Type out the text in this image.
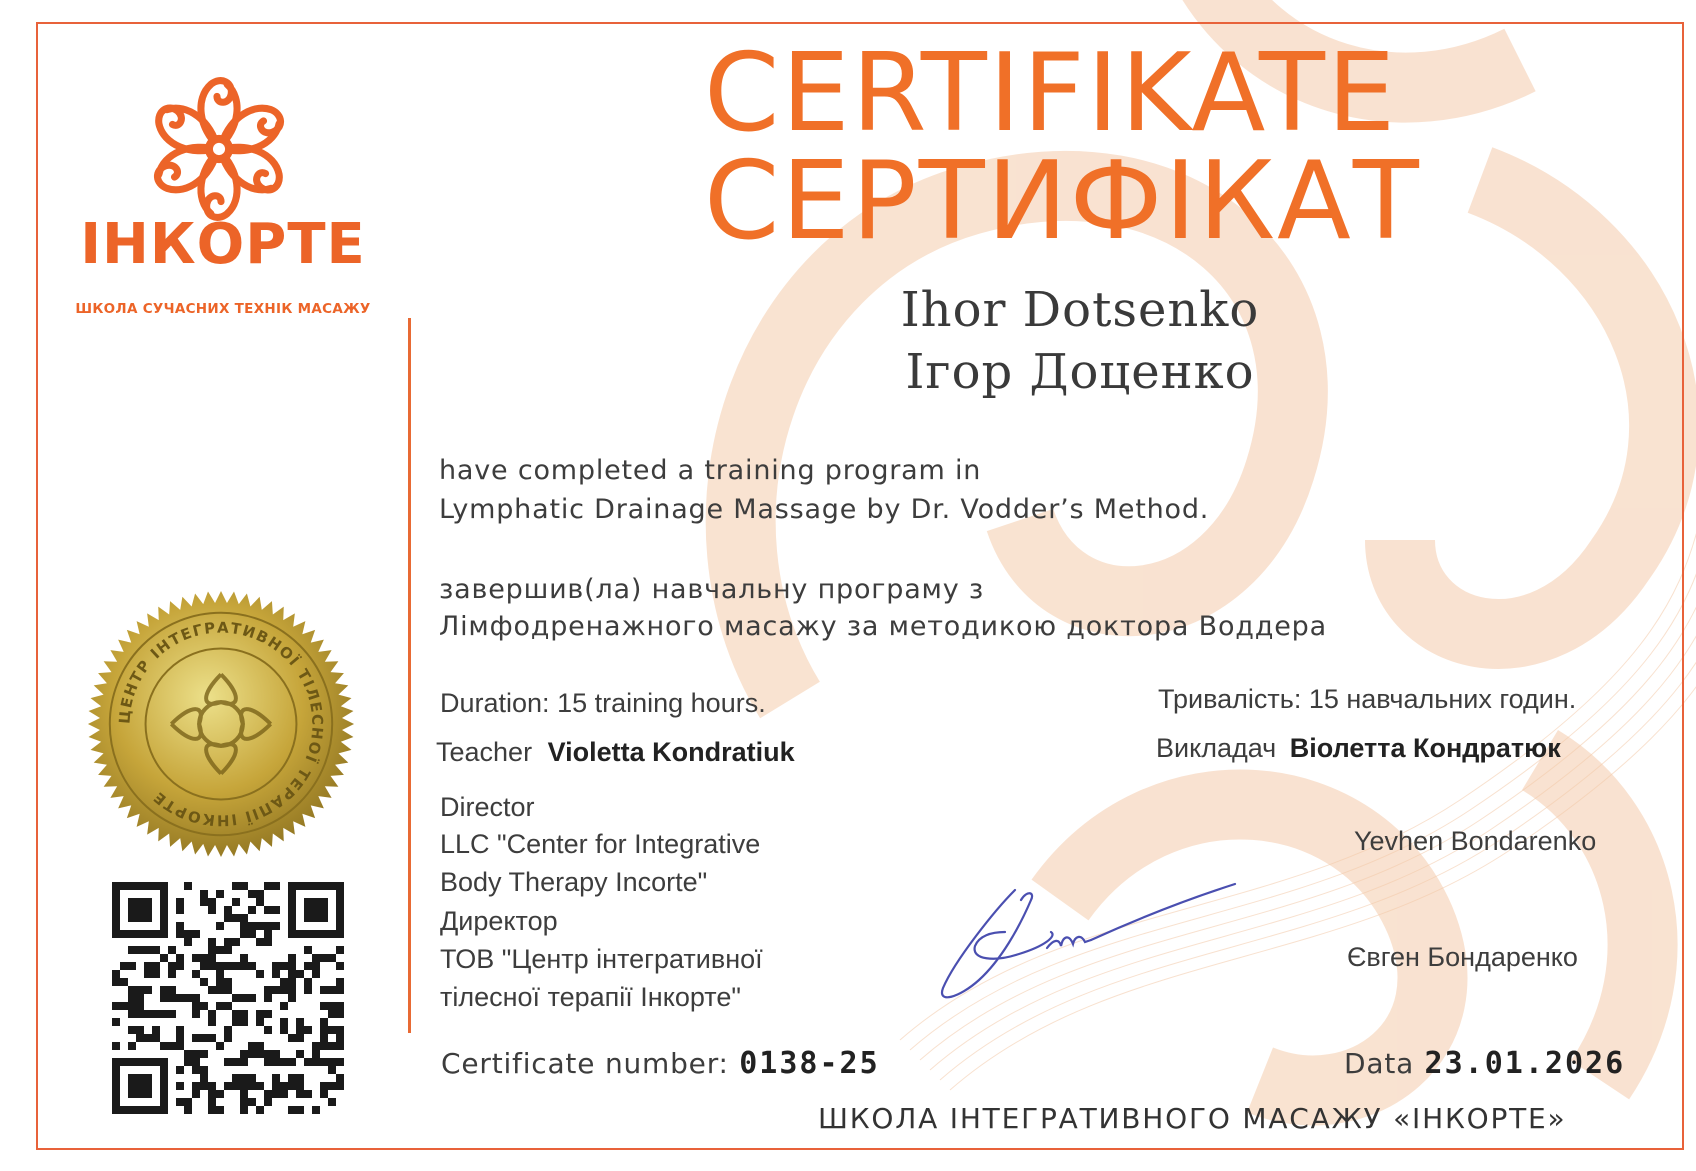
ІНКОРТЕ
ШКОЛА СУЧАСНИХ ТЕХНІК МАСАЖУ
ЦЕНТР ІНТЕГРАТИВНОЇ ТІЛЕСНОЇ ТЕРАПІЇ ІНКОРТЕ
CERTIFIKATE
СЕРТИФІКАТ
Ihor Dotsenko
Ігор Доценко
have completed a training program in
Lymphatic Drainage Massage by Dr. Vodder’s Method.
завершив(ла) навчальну програму з
Лімфодренажного масажу за методикою доктора Воддера
Duration: 15 training hours.	Тривалість: 15 навчальних годин.
Teacher Violetta Kondratiuk	Викладач Віолетта Кондратюк
Director
LLC "Center for Integrative
Body Therapy Incorte"
Директор
ТОВ "Центр інтегративної
тілесної терапії Інкорте"
Yevhen Bondarenko
Євген Бондаренко
Certificate number: 0138-25	Data 23.01.2026
ШКОЛА ІНТЕГРАТИВНОГО МАСАЖУ «ІНКОРТЕ»
